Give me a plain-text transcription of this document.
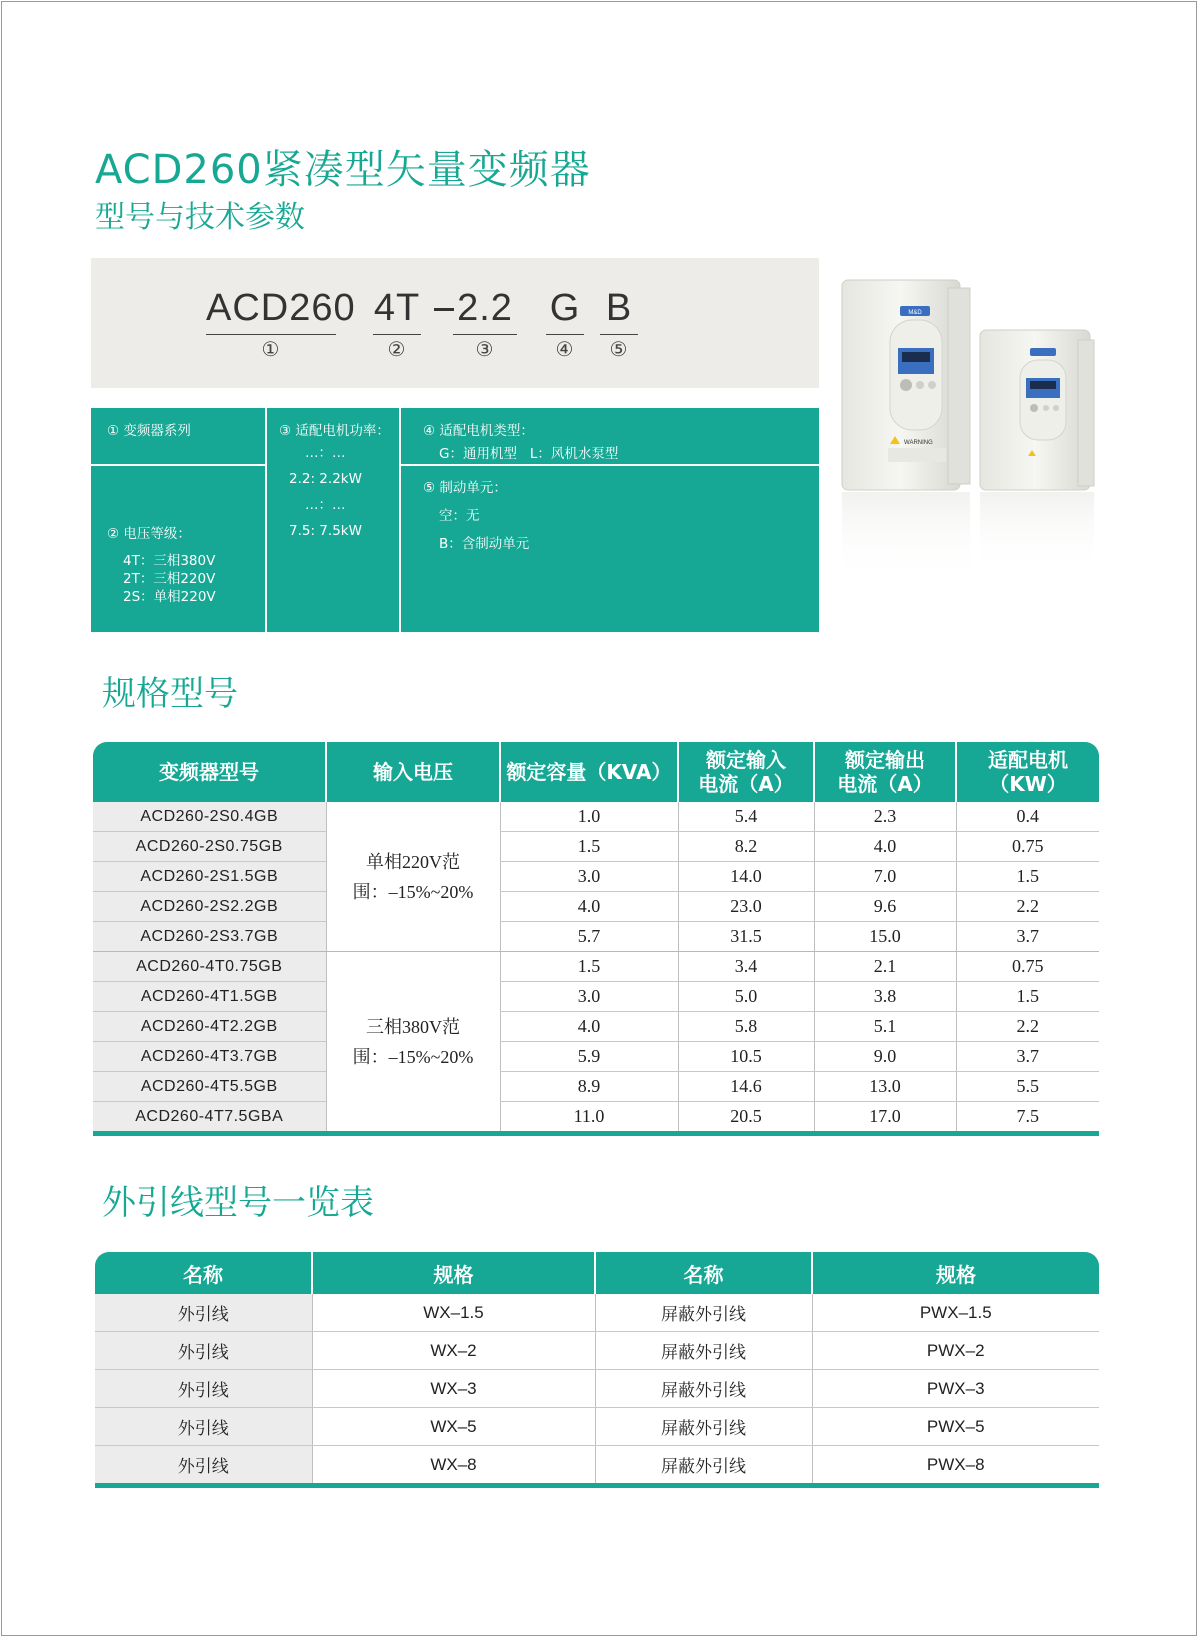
ACD260紧凑型矢量变频器
型号与技术参数
ACD260
①
4T
②
2.2
③
G
④
B
⑤

① 变频器系列

② 电压等级：

4T：三相380V

2T：三相220V

2S：单相220V

③ 适配电机功率：

…：…

2.2: 2.2kW

…：…

7.5: 7.5kW

④ 适配电机类型：

G：通用机型   L：风机水泵型

⑤ 制动单元：

空：无

B：含制动单元

M&D
WARNING
规格型号
变频器型号	输入电压	额定容量（KVA）	额定输入
电流（A）	额定输出
电流（A）	适配电机
（KW）
ACD260-2S0.4GB	单相220V范
围：–15%~20%	1.0	5.4	2.3	0.4
ACD260-2S0.75GB		1.5	8.2	4.0	0.75
ACD260-2S1.5GB		3.0	14.0	7.0	1.5
ACD260-2S2.2GB		4.0	23.0	9.6	2.2
ACD260-2S3.7GB		5.7	31.5	15.0	3.7
ACD260-4T0.75GB	三相380V范
围：–15%~20%	1.5	3.4	2.1	0.75
ACD260-4T1.5GB		3.0	5.0	3.8	1.5
ACD260-4T2.2GB		4.0	5.8	5.1	2.2
ACD260-4T3.7GB		5.9	10.5	9.0	3.7
ACD260-4T5.5GB		8.9	14.6	13.0	5.5
ACD260-4T7.5GBA		11.0	20.5	17.0	7.5
外引线型号一览表
名称	规格	名称	规格
外引线	WX–1.5	屏蔽外引线	PWX–1.5
外引线	WX–2	屏蔽外引线	PWX–2
外引线	WX–3	屏蔽外引线	PWX–3
外引线	WX–5	屏蔽外引线	PWX–5
外引线	WX–8	屏蔽外引线	PWX–8
